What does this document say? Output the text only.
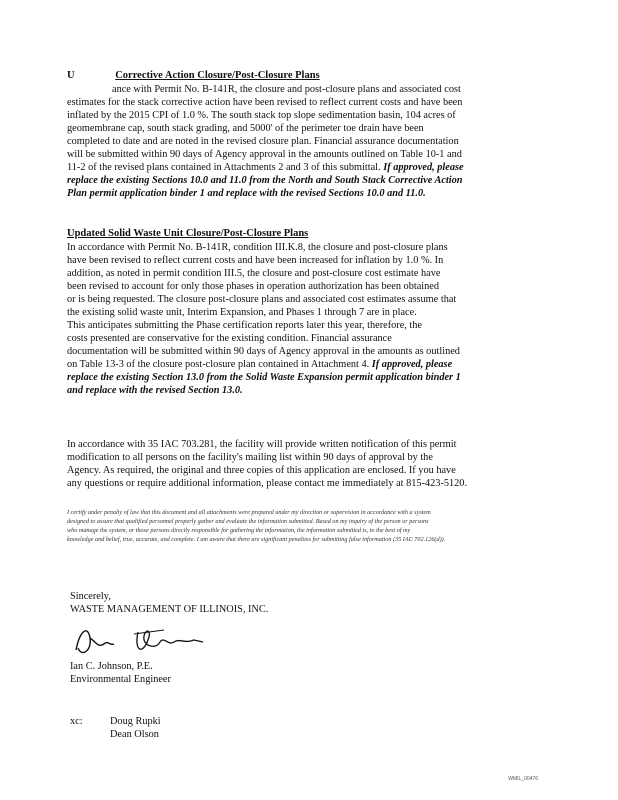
U	Corrective Action Closure/Post-Closure Plans
ance with Permit No. B-141R, the closure and post-closure plans and associated cost
estimates for the stack corrective action have been revised to reflect current costs and have been
inflated by the 2015 CPI of 1.0 %. The south stack top slope sedimentation basin, 104 acres of
geomembrane cap, south stack grading, and 5000' of the perimeter toe drain have been
completed to date and are noted in the revised closure plan. Financial assurance documentation
will be submitted within 90 days of Agency approval in the amounts outlined on Table 10-1 and
11-2 of the revised plans contained in Attachments 2 and 3 of this submittal. If approved, please
replace the existing Sections 10.0 and 11.0 from the North and South Stack Corrective Action
Plan permit application binder 1 and replace with the revised Sections 10.0 and 11.0.
Updated Solid Waste Unit Closure/Post-Closure Plans
In accordance with Permit No. B-141R, condition III.K.8, the closure and post-closure plans
have been revised to reflect current costs and have been increased for inflation by 1.0 %. In
addition, as noted in permit condition III.5, the closure and post-closure cost estimate have
been revised to account for only those phases in operation authorization has been obtained
or is being requested. The closure post-closure plans and associated cost estimates assume that
the existing solid waste unit, Interim Expansion, and Phases 1 through 7 are in place.
This anticipates submitting the Phase certification reports later this year, therefore, the
costs presented are conservative for the existing condition. Financial assurance
documentation will be submitted within 90 days of Agency approval in the amounts as outlined
on Table 13-3 of the closure post-closure plan contained in Attachment 4. If approved, please
replace the existing Section 13.0 from the Solid Waste Expansion permit application binder 1
and replace with the revised Section 13.0.
In accordance with 35 IAC 703.281, the facility will provide written notification of this permit
modification to all persons on the facility's mailing list within 90 days of approval by the
Agency. As required, the original and three copies of this application are enclosed. If you have
any questions or require additional information, please contact me immediately at 815-423-5120.
I certify under penalty of law that this document and all attachments were prepared under my direction or supervision in accordance with a system
designed to assure that qualified personnel properly gather and evaluate the information submitted. Based on my inquiry of the person or persons
who manage the system, or those persons directly responsible for gathering the information, the information submitted is, to the best of my
knowledge and belief, true, accurate, and complete. I am aware that there are significant penalties for submitting false information (35 IAC 702.126(d)).
Sincerely,
WASTE MANAGEMENT OF ILLINOIS, INC.
Ian C. Johnson, P.E.
Environmental Engineer
xc:	Doug Rupki
Dean Olson
WMIL_00476
